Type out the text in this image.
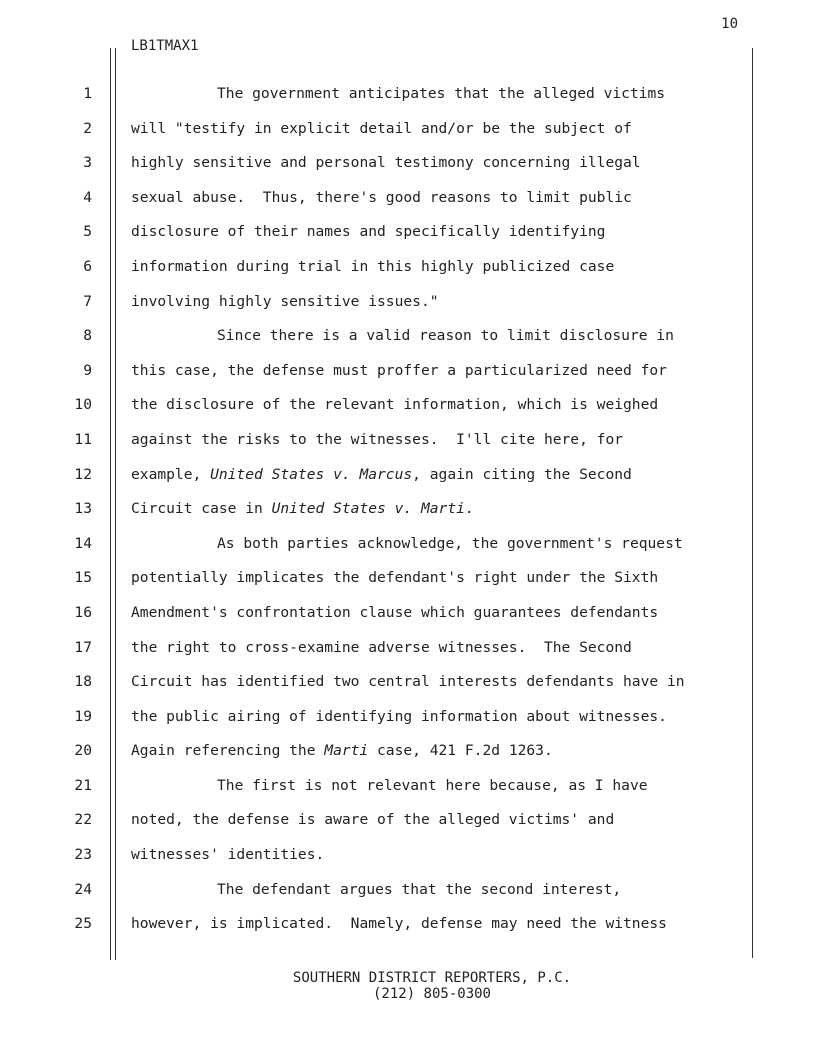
10
LB1TMAX1
1	The government anticipates that the alleged victims
2	will "testify in explicit detail and/or be the subject of
3	highly sensitive and personal testimony concerning illegal
4	sexual abuse.  Thus, there's good reasons to limit public
5	disclosure of their names and specifically identifying
6	information during trial in this highly publicized case
7	involving highly sensitive issues."
8	Since there is a valid reason to limit disclosure in
9	this case, the defense must proffer a particularized need for
10	the disclosure of the relevant information, which is weighed
11	against the risks to the witnesses.  I'll cite here, for
12	example, United States v. Marcus, again citing the Second
13	Circuit case in United States v. Marti.
14	As both parties acknowledge, the government's request
15	potentially implicates the defendant's right under the Sixth
16	Amendment's confrontation clause which guarantees defendants
17	the right to cross-examine adverse witnesses.  The Second
18	Circuit has identified two central interests defendants have in
19	the public airing of identifying information about witnesses.
20	Again referencing the Marti case, 421 F.2d 1263.
21	The first is not relevant here because, as I have
22	noted, the defense is aware of the alleged victims' and
23	witnesses' identities.
24	The defendant argues that the second interest,
25	however, is implicated.  Namely, defense may need the witness
SOUTHERN DISTRICT REPORTERS, P.C.
(212) 805-0300
